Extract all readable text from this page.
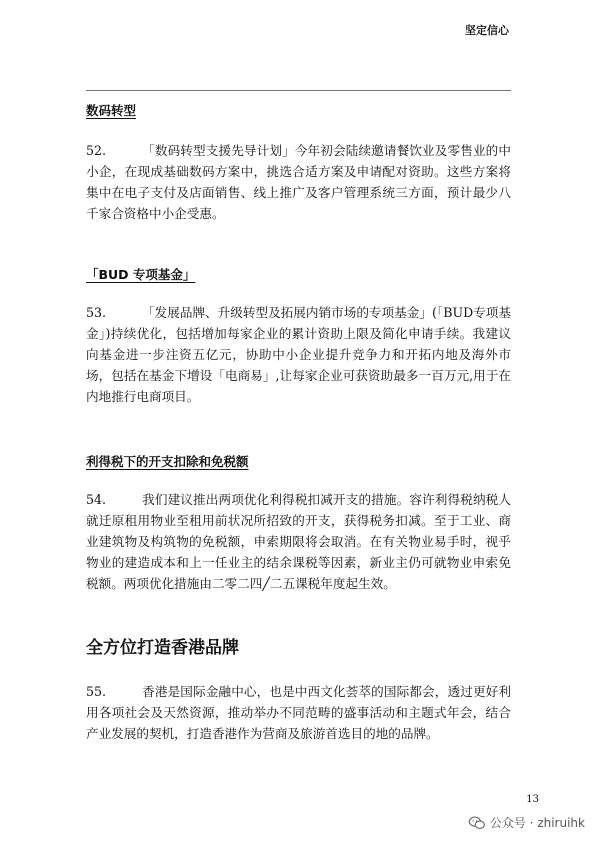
坚定信心
数码转型
52.	「数码转型支援先导计划」今年初会陆续邀请餐饮业及零售业的中小企，在现成基础数码方案中，挑选合适方案及申请配对资助。这些方案将集中在电子支付及店面销售、线上推广及客户管理系统三方面，预计最少八千家合资格中小企受惠。
「BUD 专项基金」
53.	「发展品牌、升级转型及拓展内销市场的专项基金」(「BUD专项基金」)持续优化，包括增加每家企业的累计资助上限及简化申请手续。我建议向基金进一步注资五亿元，协助中小企业提升竞争力和开拓内地及海外市场，包括在基金下增设「电商易」,让每家企业可获资助最多一百万元,用于在内地推行电商项目。
利得税下的开支扣除和免税额
54.	我们建议推出两项优化利得税扣减开支的措施。容许利得税纳税人就迁原租用物业至租用前状况所招致的开支，获得税务扣减。至于工业、商业建筑物及构筑物的免税额，申索期限将会取消。在有关物业易手时，视乎物业的建造成本和上一任业主的结余课税等因素，新业主仍可就物业申索免税额。两项优化措施由二零二四╱二五课税年度起生效。
全方位打造香港品牌
55.	香港是国际金融中心，也是中西文化荟萃的国际都会，透过更好利用各项社会及天然资源，推动举办不同范畴的盛事活动和主题式年会，结合产业发展的契机，打造香港作为营商及旅游首选目的地的品牌。
13
公众号 · zhiruihk
